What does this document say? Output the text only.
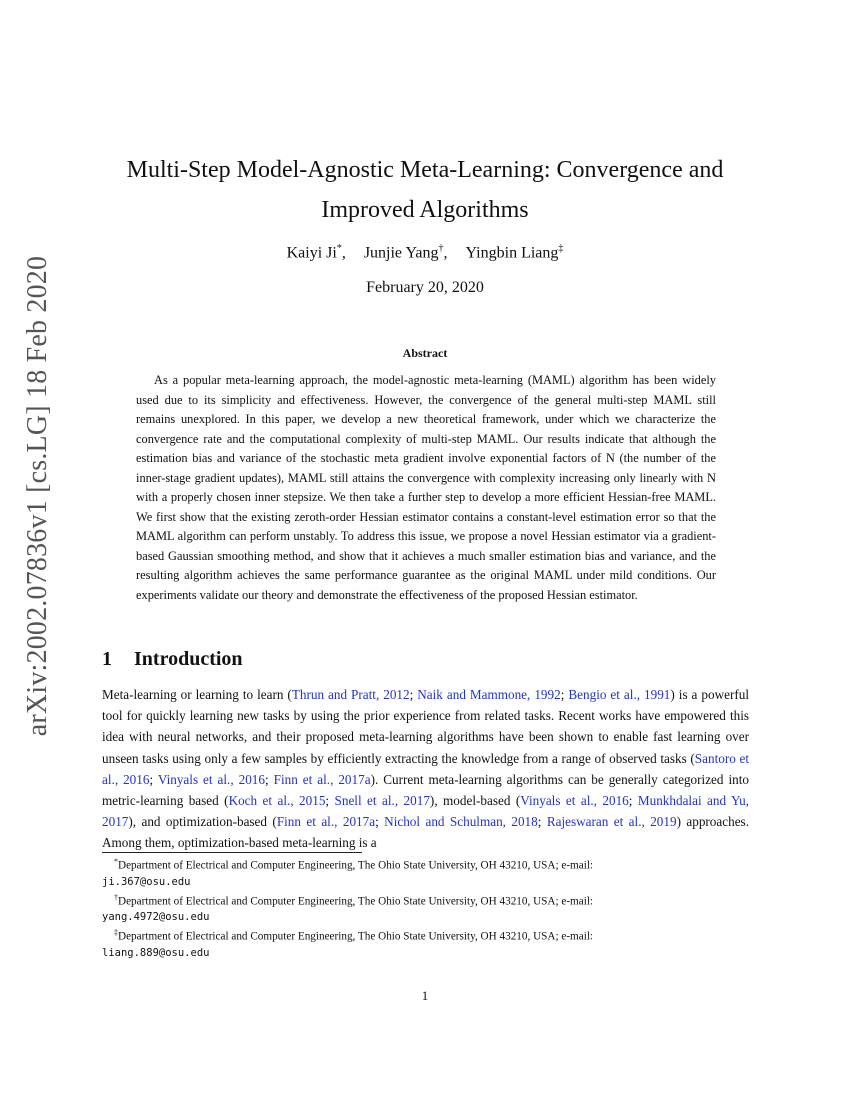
arXiv:2002.07836v1 [cs.LG] 18 Feb 2020
Multi-Step Model-Agnostic Meta-Learning: Convergence and Improved Algorithms
Kaiyi Ji*, Junjie Yang†, Yingbin Liang‡
February 20, 2020
Abstract

As a popular meta-learning approach, the model-agnostic meta-learning (MAML) algorithm has been widely used due to its simplicity and effectiveness. However, the convergence of the general multi-step MAML still remains unexplored. In this paper, we develop a new theoretical framework, under which we characterize the convergence rate and the computational complexity of multi-step MAML. Our results indicate that although the estimation bias and variance of the stochastic meta gradient involve exponential factors of N (the number of the inner-stage gradient updates), MAML still attains the convergence with complexity increasing only linearly with N with a properly chosen inner stepsize. We then take a further step to develop a more efficient Hessian-free MAML. We first show that the existing zeroth-order Hessian estimator contains a constant-level estimation error so that the MAML algorithm can perform unstably. To address this issue, we propose a novel Hessian estimator via a gradient-based Gaussian smoothing method, and show that it achieves a much smaller estimation bias and variance, and the resulting algorithm achieves the same performance guarantee as the original MAML under mild conditions. Our experiments validate our theory and demonstrate the effectiveness of the proposed Hessian estimator.

1 Introduction

Meta-learning or learning to learn (Thrun and Pratt, 2012; Naik and Mammone, 1992; Bengio et al., 1991) is a powerful tool for quickly learning new tasks by using the prior experience from related tasks. Recent works have empowered this idea with neural networks, and their proposed meta-learning algorithms have been shown to enable fast learning over unseen tasks using only a few samples by efficiently extracting the knowledge from a range of observed tasks (Santoro et al., 2016; Vinyals et al., 2016; Finn et al., 2017a). Current meta-learning algorithms can be generally categorized into metric-learning based (Koch et al., 2015; Snell et al., 2017), model-based (Vinyals et al., 2016; Munkhdalai and Yu, 2017), and optimization-based (Finn et al., 2017a; Nichol and Schulman, 2018; Rajeswaran et al., 2019) approaches. Among them, optimization-based meta-learning is a

*Department of Electrical and Computer Engineering, The Ohio State University, OH 43210, USA; e-mail:
ji.367@osu.edu

†Department of Electrical and Computer Engineering, The Ohio State University, OH 43210, USA; e-mail:
yang.4972@osu.edu

‡Department of Electrical and Computer Engineering, The Ohio State University, OH 43210, USA; e-mail:
liang.889@osu.edu

1
